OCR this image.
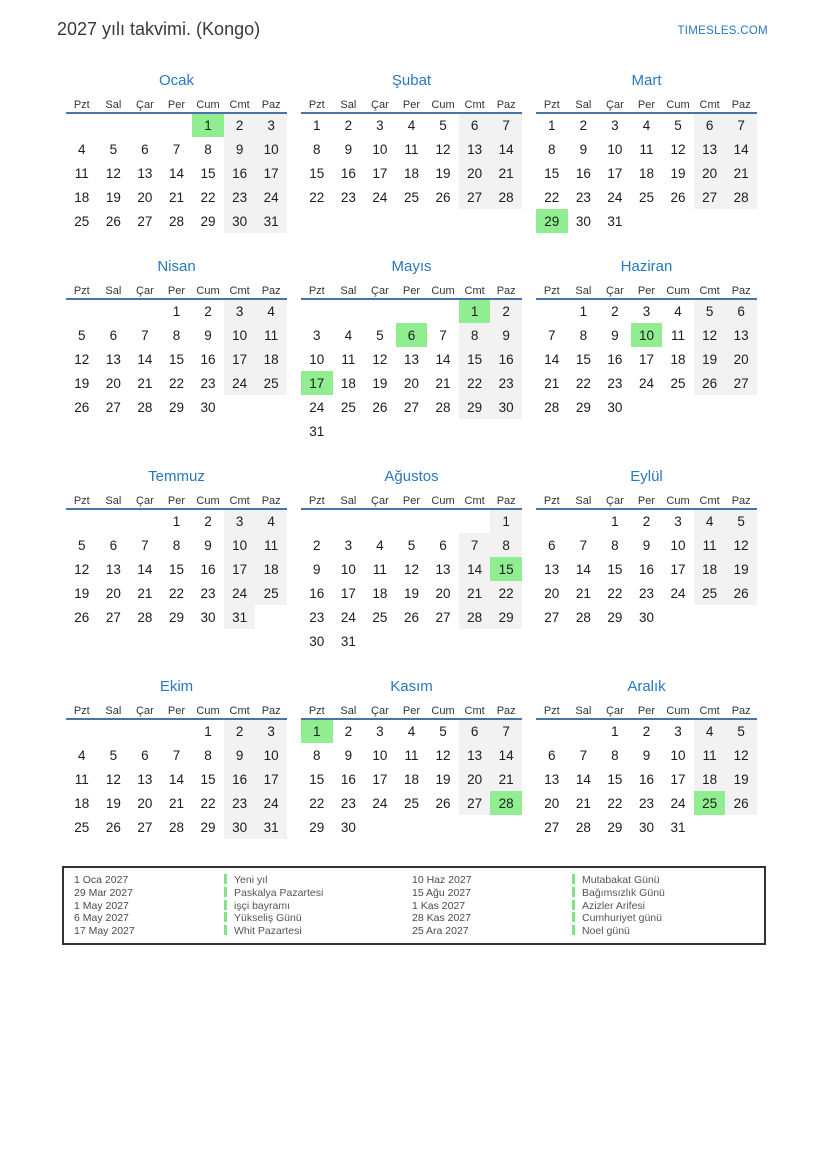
2027 yılı takvimi. (Kongo)	TIMESLES.COM
Ocak
Pzt	Sal	Çar	Per	Cum	Cmt	Paz
				1	2	3
4	5	6	7	8	9	10
11	12	13	14	15	16	17
18	19	20	21	22	23	24
25	26	27	28	29	30	31
Şubat
Pzt	Sal	Çar	Per	Cum	Cmt	Paz
1	2	3	4	5	6	7
8	9	10	11	12	13	14
15	16	17	18	19	20	21
22	23	24	25	26	27	28
Mart
Pzt	Sal	Çar	Per	Cum	Cmt	Paz
1	2	3	4	5	6	7
8	9	10	11	12	13	14
15	16	17	18	19	20	21
22	23	24	25	26	27	28
29	30	31				
Nisan
Pzt	Sal	Çar	Per	Cum	Cmt	Paz
			1	2	3	4
5	6	7	8	9	10	11
12	13	14	15	16	17	18
19	20	21	22	23	24	25
26	27	28	29	30		
Mayıs
Pzt	Sal	Çar	Per	Cum	Cmt	Paz
					1	2
3	4	5	6	7	8	9
10	11	12	13	14	15	16
17	18	19	20	21	22	23
24	25	26	27	28	29	30
31						
Haziran
Pzt	Sal	Çar	Per	Cum	Cmt	Paz
	1	2	3	4	5	6
7	8	9	10	11	12	13
14	15	16	17	18	19	20
21	22	23	24	25	26	27
28	29	30				
Temmuz
Pzt	Sal	Çar	Per	Cum	Cmt	Paz
			1	2	3	4
5	6	7	8	9	10	11
12	13	14	15	16	17	18
19	20	21	22	23	24	25
26	27	28	29	30	31	
Ağustos
Pzt	Sal	Çar	Per	Cum	Cmt	Paz
						1
2	3	4	5	6	7	8
9	10	11	12	13	14	15
16	17	18	19	20	21	22
23	24	25	26	27	28	29
30	31					
Eylül
Pzt	Sal	Çar	Per	Cum	Cmt	Paz
		1	2	3	4	5
6	7	8	9	10	11	12
13	14	15	16	17	18	19
20	21	22	23	24	25	26
27	28	29	30			
Ekim
Pzt	Sal	Çar	Per	Cum	Cmt	Paz
				1	2	3
4	5	6	7	8	9	10
11	12	13	14	15	16	17
18	19	20	21	22	23	24
25	26	27	28	29	30	31
Kasım
Pzt	Sal	Çar	Per	Cum	Cmt	Paz
1	2	3	4	5	6	7
8	9	10	11	12	13	14
15	16	17	18	19	20	21
22	23	24	25	26	27	28
29	30					
Aralık
Pzt	Sal	Çar	Per	Cum	Cmt	Paz
		1	2	3	4	5
6	7	8	9	10	11	12
13	14	15	16	17	18	19
20	21	22	23	24	25	26
27	28	29	30	31		
1 Oca 2027	Yeni yıl	10 Haz 2027	Mutabakat Günü
29 Mar 2027	Paskalya Pazartesi	15 Ağu 2027	Bağımsızlık Günü
1 May 2027	işçi bayramı	1 Kas 2027	Azizler Arifesi
6 May 2027	Yükseliş Günü	28 Kas 2027	Cumhuriyet günü
17 May 2027	Whit Pazartesi	25 Ara 2027	Noel günü
